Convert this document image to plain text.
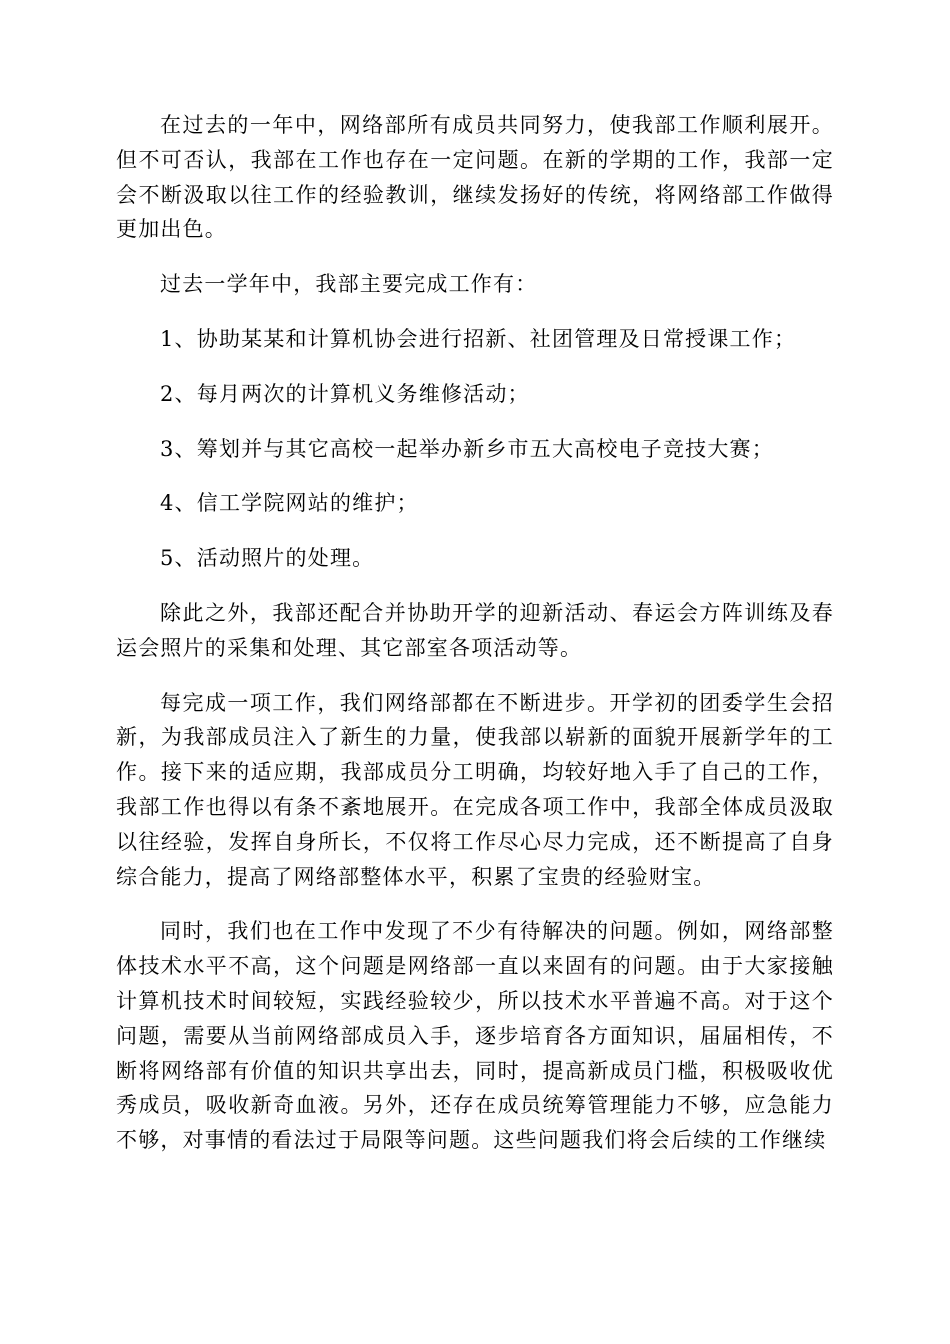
在过去的一年中，网络部所有成员共同努力，使我部工作顺利展开。但不可否认，我部在工作也存在一定问题。在新的学期的工作，我部一定会不断汲取以往工作的经验教训，继续发扬好的传统，将网络部工作做得更加出色。

过去一学年中，我部主要完成工作有：

1、协助某某和计算机协会进行招新、社团管理及日常授课工作；

2、每月两次的计算机义务维修活动；

3、筹划并与其它高校一起举办新乡市五大高校电子竞技大赛；

4、信工学院网站的维护；

5、活动照片的处理。

除此之外，我部还配合并协助开学的迎新活动、春运会方阵训练及春运会照片的采集和处理、其它部室各项活动等。

每完成一项工作，我们网络部都在不断进步。开学初的团委学生会招新，为我部成员注入了新生的力量，使我部以崭新的面貌开展新学年的工作。接下来的适应期，我部成员分工明确，均较好地入手了自己的工作，我部工作也得以有条不紊地展开。在完成各项工作中，我部全体成员汲取以往经验，发挥自身所长，不仅将工作尽心尽力完成，还不断提高了自身综合能力，提高了网络部整体水平，积累了宝贵的经验财宝。

同时，我们也在工作中发现了不少有待解决的问题。例如，网络部整体技术水平不高，这个问题是网络部一直以来固有的问题。由于大家接触计算机技术时间较短，实践经验较少，所以技术水平普遍不高。对于这个问题，需要从当前网络部成员入手，逐步培育各方面知识，届届相传，不断将网络部有价值的知识共享出去，同时，提高新成员门槛，积极吸收优秀成员，吸收新奇血液。另外，还存在成员统筹管理能力不够，应急能力不够，对事情的看法过于局限等问题。这些问题我们将会后续的工作继续
